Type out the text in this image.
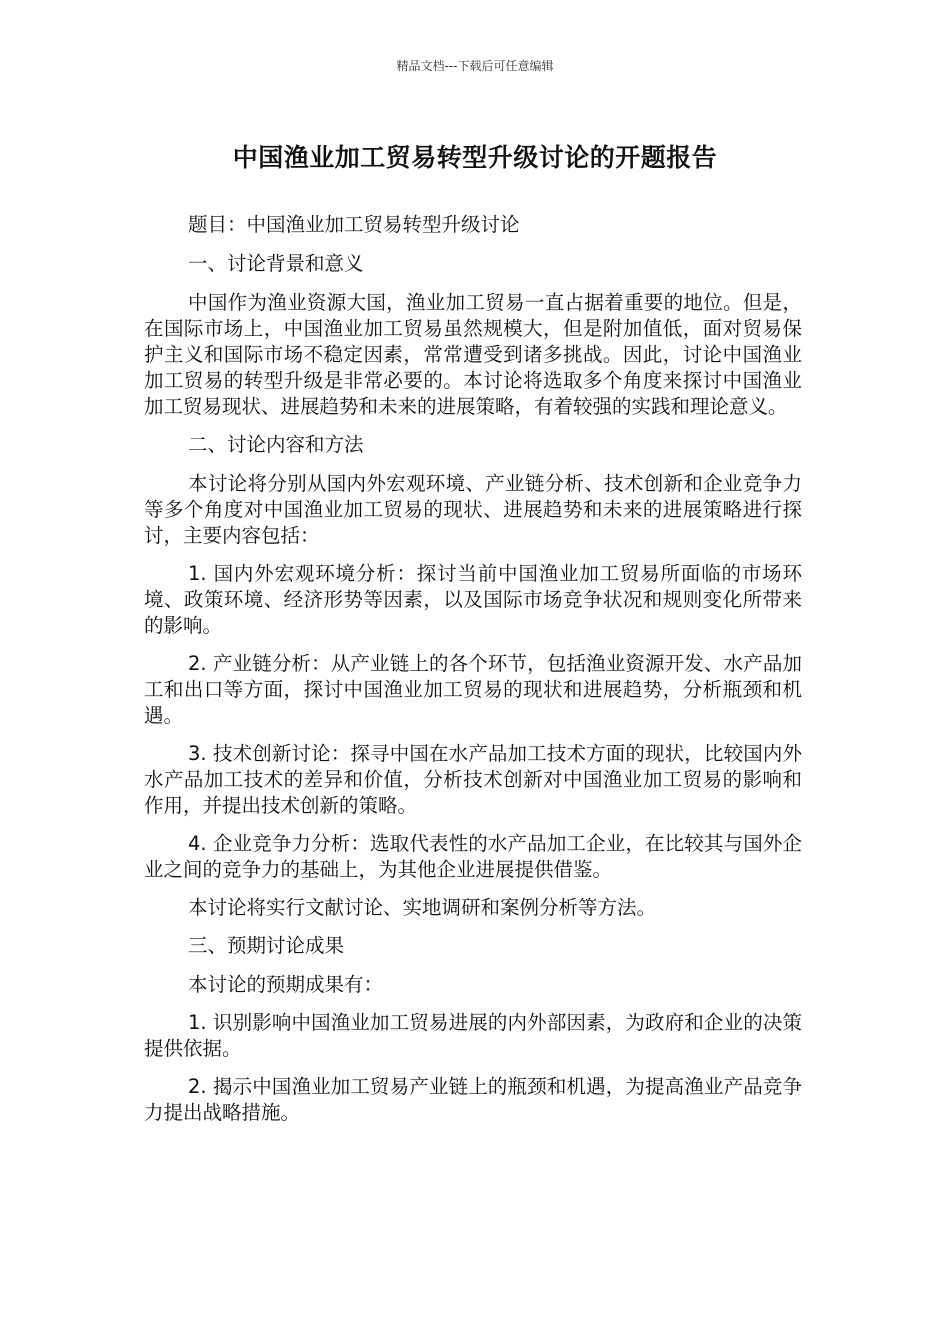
精品文档---下载后可任意编辑
中国渔业加工贸易转型升级讨论的开题报告

题目：中国渔业加工贸易转型升级讨论

一、讨论背景和意义

中国作为渔业资源大国，渔业加工贸易一直占据着重要的地位。但是，在国际市场上，中国渔业加工贸易虽然规模大，但是附加值低，面对贸易保护主义和国际市场不稳定因素，常常遭受到诸多挑战。因此，讨论中国渔业加工贸易的转型升级是非常必要的。本讨论将选取多个角度来探讨中国渔业加工贸易现状、进展趋势和未来的进展策略，有着较强的实践和理论意义。

二、讨论内容和方法

本讨论将分别从国内外宏观环境、产业链分析、技术创新和企业竞争力等多个角度对中国渔业加工贸易的现状、进展趋势和未来的进展策略进行探讨，主要内容包括：

1. 国内外宏观环境分析：探讨当前中国渔业加工贸易所面临的市场环境、政策环境、经济形势等因素，以及国际市场竞争状况和规则变化所带来的影响。

2. 产业链分析：从产业链上的各个环节，包括渔业资源开发、水产品加工和出口等方面，探讨中国渔业加工贸易的现状和进展趋势，分析瓶颈和机遇。

3. 技术创新讨论：探寻中国在水产品加工技术方面的现状，比较国内外水产品加工技术的差异和价值，分析技术创新对中国渔业加工贸易的影响和作用，并提出技术创新的策略。

4. 企业竞争力分析：选取代表性的水产品加工企业，在比较其与国外企业之间的竞争力的基础上，为其他企业进展提供借鉴。

本讨论将实行文献讨论、实地调研和案例分析等方法。

三、预期讨论成果

本讨论的预期成果有：

1. 识别影响中国渔业加工贸易进展的内外部因素，为政府和企业的决策提供依据。

2. 揭示中国渔业加工贸易产业链上的瓶颈和机遇，为提高渔业产品竞争力提出战略措施。
